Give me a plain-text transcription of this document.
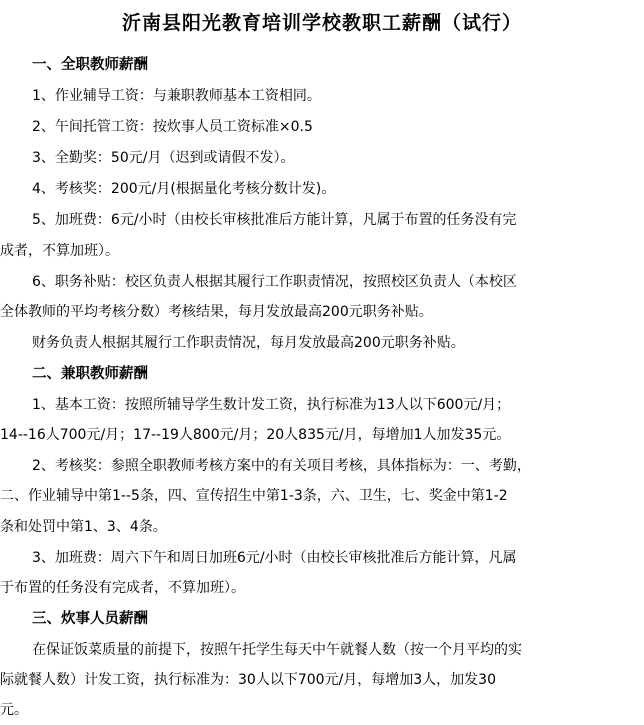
沂南县阳光教育培训学校教职工薪酬（试行）
一、全职教师薪酬
1、作业辅导工资：与兼职教师基本工资相同。
2、午间托管工资：按炊事人员工资标准×0.5
3、全勤奖：50元/月（迟到或请假不发）。
4、考核奖：200元/月(根据量化考核分数计发)。
5、加班费：6元/小时（由校长审核批准后方能计算，凡属于布置的任务没有完
成者，不算加班）。
6、职务补贴：校区负责人根据其履行工作职责情况，按照校区负责人（本校区
全体教师的平均考核分数）考核结果，每月发放最高200元职务补贴。
财务负责人根据其履行工作职责情况，每月发放最高200元职务补贴。
二、兼职教师薪酬
1、基本工资：按照所辅导学生数计发工资，执行标准为13人以下600元/月；
14--16人700元/月；17--19人800元/月；20人835元/月，每增加1人加发35元。
2、考核奖：参照全职教师考核方案中的有关项目考核，具体指标为：一、考勤，
二、作业辅导中第1--5条，四、宣传招生中第1-3条，六、卫生，七、奖金中第1-2
条和处罚中第1、3、4条。
3、加班费：周六下午和周日加班6元/小时（由校长审核批准后方能计算，凡属
于布置的任务没有完成者，不算加班）。
三、炊事人员薪酬
在保证饭菜质量的前提下，按照午托学生每天中午就餐人数（按一个月平均的实
际就餐人数）计发工资，执行标准为：30人以下700元/月，每增加3人，加发30
元。
